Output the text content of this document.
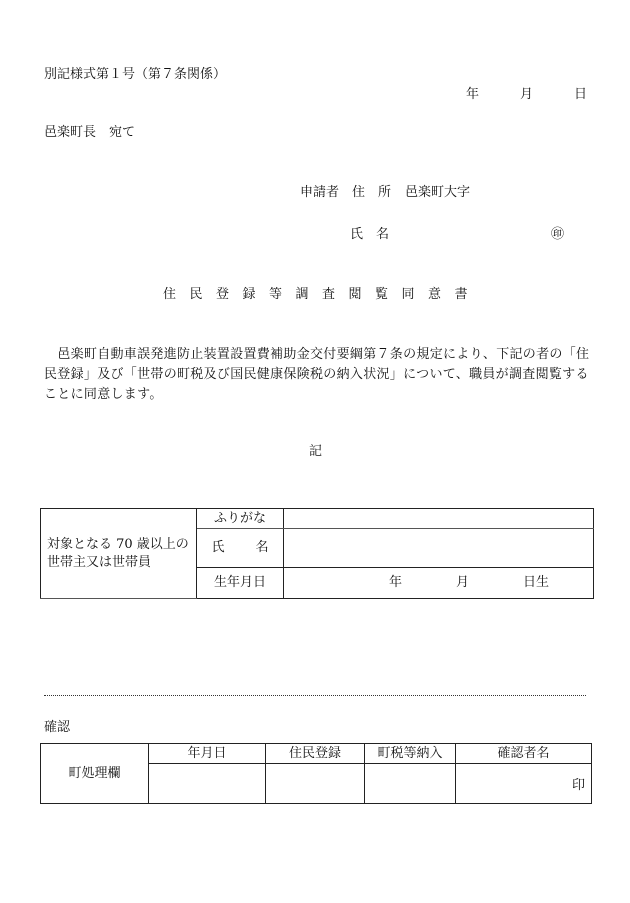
別記様式第１号（第７条関係）
年	月	日
邑楽町長　宛て
申請者 住　所 邑楽町大字
氏　名	㊞
住民登録等調査閲覧同意書
　邑楽町自動車誤発進防止装置設置費補助金交付要綱第７条の規定により、下記の者の「住
民登録」及び「世帯の町税及び国民健康保険税の納入状況」について、職員が調査閲覧する
ことに同意します。
記
対象となる 70 歳以上の
世帯主又は世帯員	ふりがな	
	氏　名	
	生年月日	年 月 日生
確認
町処理欄	年月日	住民登録	町税等納入	確認者名
				印
